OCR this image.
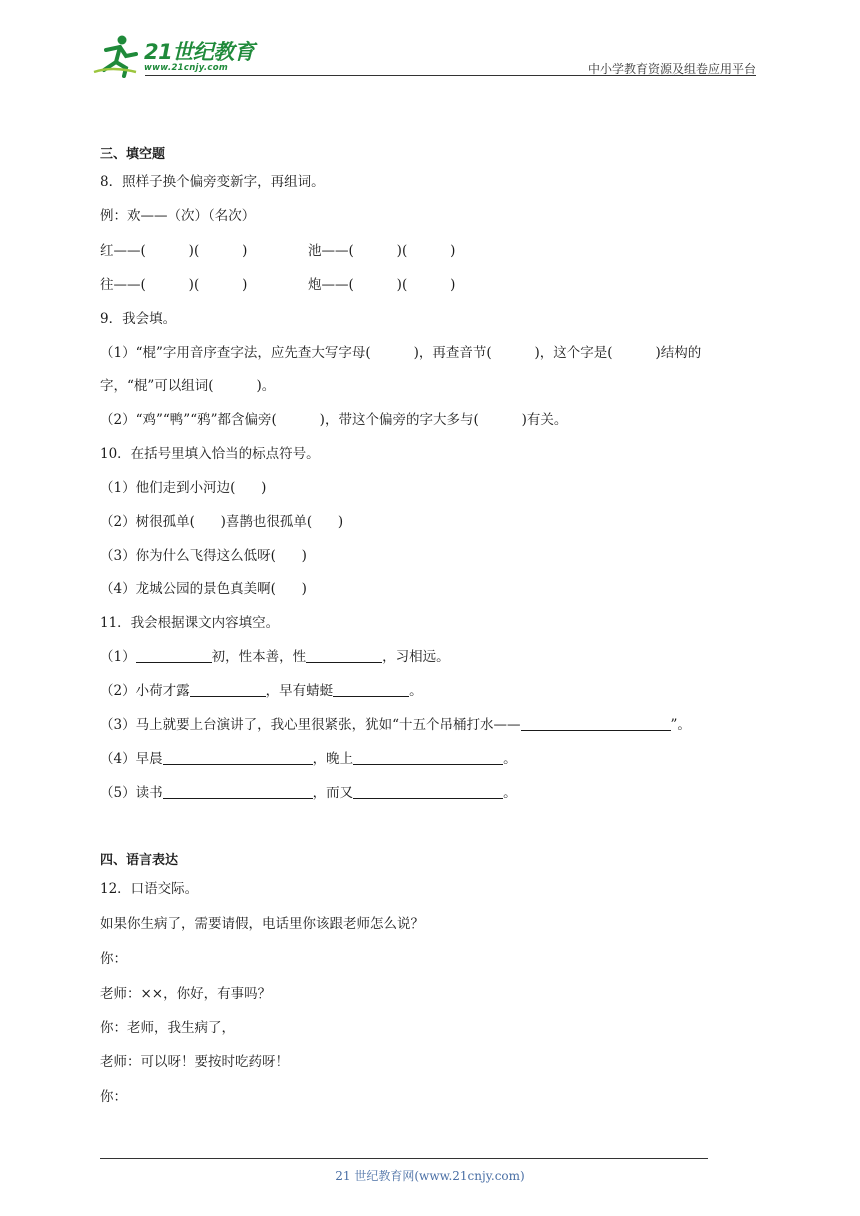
21世纪教育
www.21cnjy.com	中小学教育资源及组卷应用平台
三、填空题
8．照样子换个偏旁变新字，再组词。
例：欢——（次）（名次）
红——(          )(          )	池——(          )(          )
往——(          )(          )	炮——(          )(          )
9．我会填。
（1）“棍”字用音序查字法，应先查大写字母(          )，再查音节(          )，这个字是(          )结构的
字，“棍”可以组词(          )。
（2）“鸡”“鸭”“鸦”都含偏旁(          )，带这个偏旁的字大多与(          )有关。
10．在括号里填入恰当的标点符号。
（1）他们走到小河边(      )
（2）树很孤单(      )喜鹊也很孤单(      )
（3）你为什么飞得这么低呀(      )
（4）龙城公园的景色真美啊(      )
11．我会根据课文内容填空。
（1）	初，性本善，性	，习相远。
（2）小荷才露	，早有蜻蜓	。
（3）马上就要上台演讲了，我心里很紧张，犹如“十五个吊桶打水——	”。
（4）早晨	，晚上	。
（5）读书	，而又	。
四、语言表达
12．口语交际。
如果你生病了，需要请假，电话里你该跟老师怎么说？
你：
老师：××，你好，有事吗？
你：老师，我生病了，
老师：可以呀！要按时吃药呀！
你：
21 世纪教育网(www.21cnjy.com)
